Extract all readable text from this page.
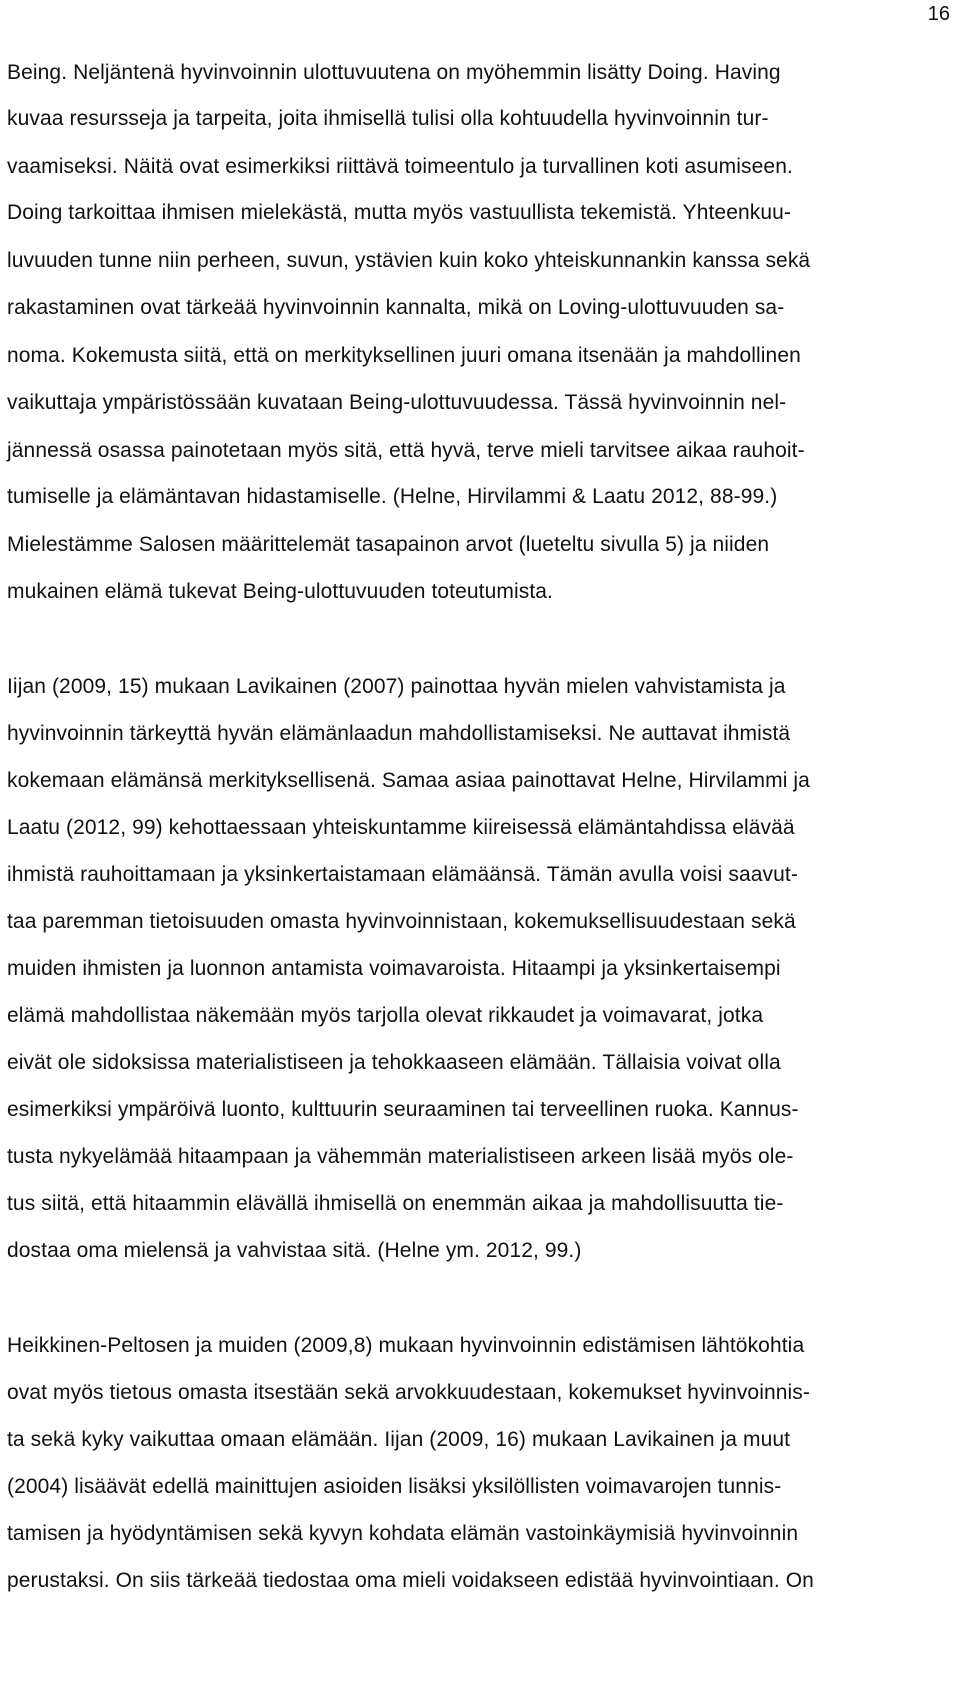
16
Being. Neljäntenä hyvinvoinnin ulottuvuutena on myöhemmin lisätty Doing. Having
kuvaa resursseja ja tarpeita, joita ihmisellä tulisi olla kohtuudella hyvinvoinnin tur-
vaamiseksi. Näitä ovat esimerkiksi riittävä toimeentulo ja turvallinen koti asumiseen.
Doing tarkoittaa ihmisen mielekästä, mutta myös vastuullista tekemistä. Yhteenkuu-
luvuuden tunne niin perheen, suvun, ystävien kuin koko yhteiskunnankin kanssa sekä
rakastaminen ovat tärkeää hyvinvoinnin kannalta, mikä on Loving-ulottuvuuden sa-
noma. Kokemusta siitä, että on merkityksellinen juuri omana itsenään ja mahdollinen
vaikuttaja ympäristössään kuvataan Being-ulottuvuudessa. Tässä hyvinvoinnin nel-
jännessä osassa painotetaan myös sitä, että hyvä, terve mieli tarvitsee aikaa rauhoit-
tumiselle ja elämäntavan hidastamiselle. (Helne, Hirvilammi & Laatu 2012, 88-99.)
Mielestämme Salosen määrittelemät tasapainon arvot (lueteltu sivulla 5) ja niiden
mukainen elämä tukevat Being-ulottuvuuden toteutumista.
Iijan (2009, 15) mukaan Lavikainen (2007) painottaa hyvän mielen vahvistamista ja
hyvinvoinnin tärkeyttä hyvän elämänlaadun mahdollistamiseksi. Ne auttavat ihmistä
kokemaan elämänsä merkityksellisenä. Samaa asiaa painottavat Helne, Hirvilammi ja
Laatu (2012, 99) kehottaessaan yhteiskuntamme kiireisessä elämäntahdissa elävää
ihmistä rauhoittamaan ja yksinkertaistamaan elämäänsä. Tämän avulla voisi saavut-
taa paremman tietoisuuden omasta hyvinvoinnistaan, kokemuksellisuudestaan sekä
muiden ihmisten ja luonnon antamista voimavaroista. Hitaampi ja yksinkertaisempi
elämä mahdollistaa näkemään myös tarjolla olevat rikkaudet ja voimavarat, jotka
eivät ole sidoksissa materialistiseen ja tehokkaaseen elämään. Tällaisia voivat olla
esimerkiksi ympäröivä luonto, kulttuurin seuraaminen tai terveellinen ruoka. Kannus-
tusta nykyelämää hitaampaan ja vähemmän materialistiseen arkeen lisää myös ole-
tus siitä, että hitaammin elävällä ihmisellä on enemmän aikaa ja mahdollisuutta tie-
dostaa oma mielensä ja vahvistaa sitä. (Helne ym. 2012, 99.)
Heikkinen-Peltosen ja muiden (2009,8) mukaan hyvinvoinnin edistämisen lähtökohtia
ovat myös tietous omasta itsestään sekä arvokkuudestaan, kokemukset hyvinvoinnis-
ta sekä kyky vaikuttaa omaan elämään. Iijan (2009, 16) mukaan Lavikainen ja muut
(2004) lisäävät edellä mainittujen asioiden lisäksi yksilöllisten voimavarojen tunnis-
tamisen ja hyödyntämisen sekä kyvyn kohdata elämän vastoinkäymisiä hyvinvoinnin
perustaksi. On siis tärkeää tiedostaa oma mieli voidakseen edistää hyvinvointiaan. On
